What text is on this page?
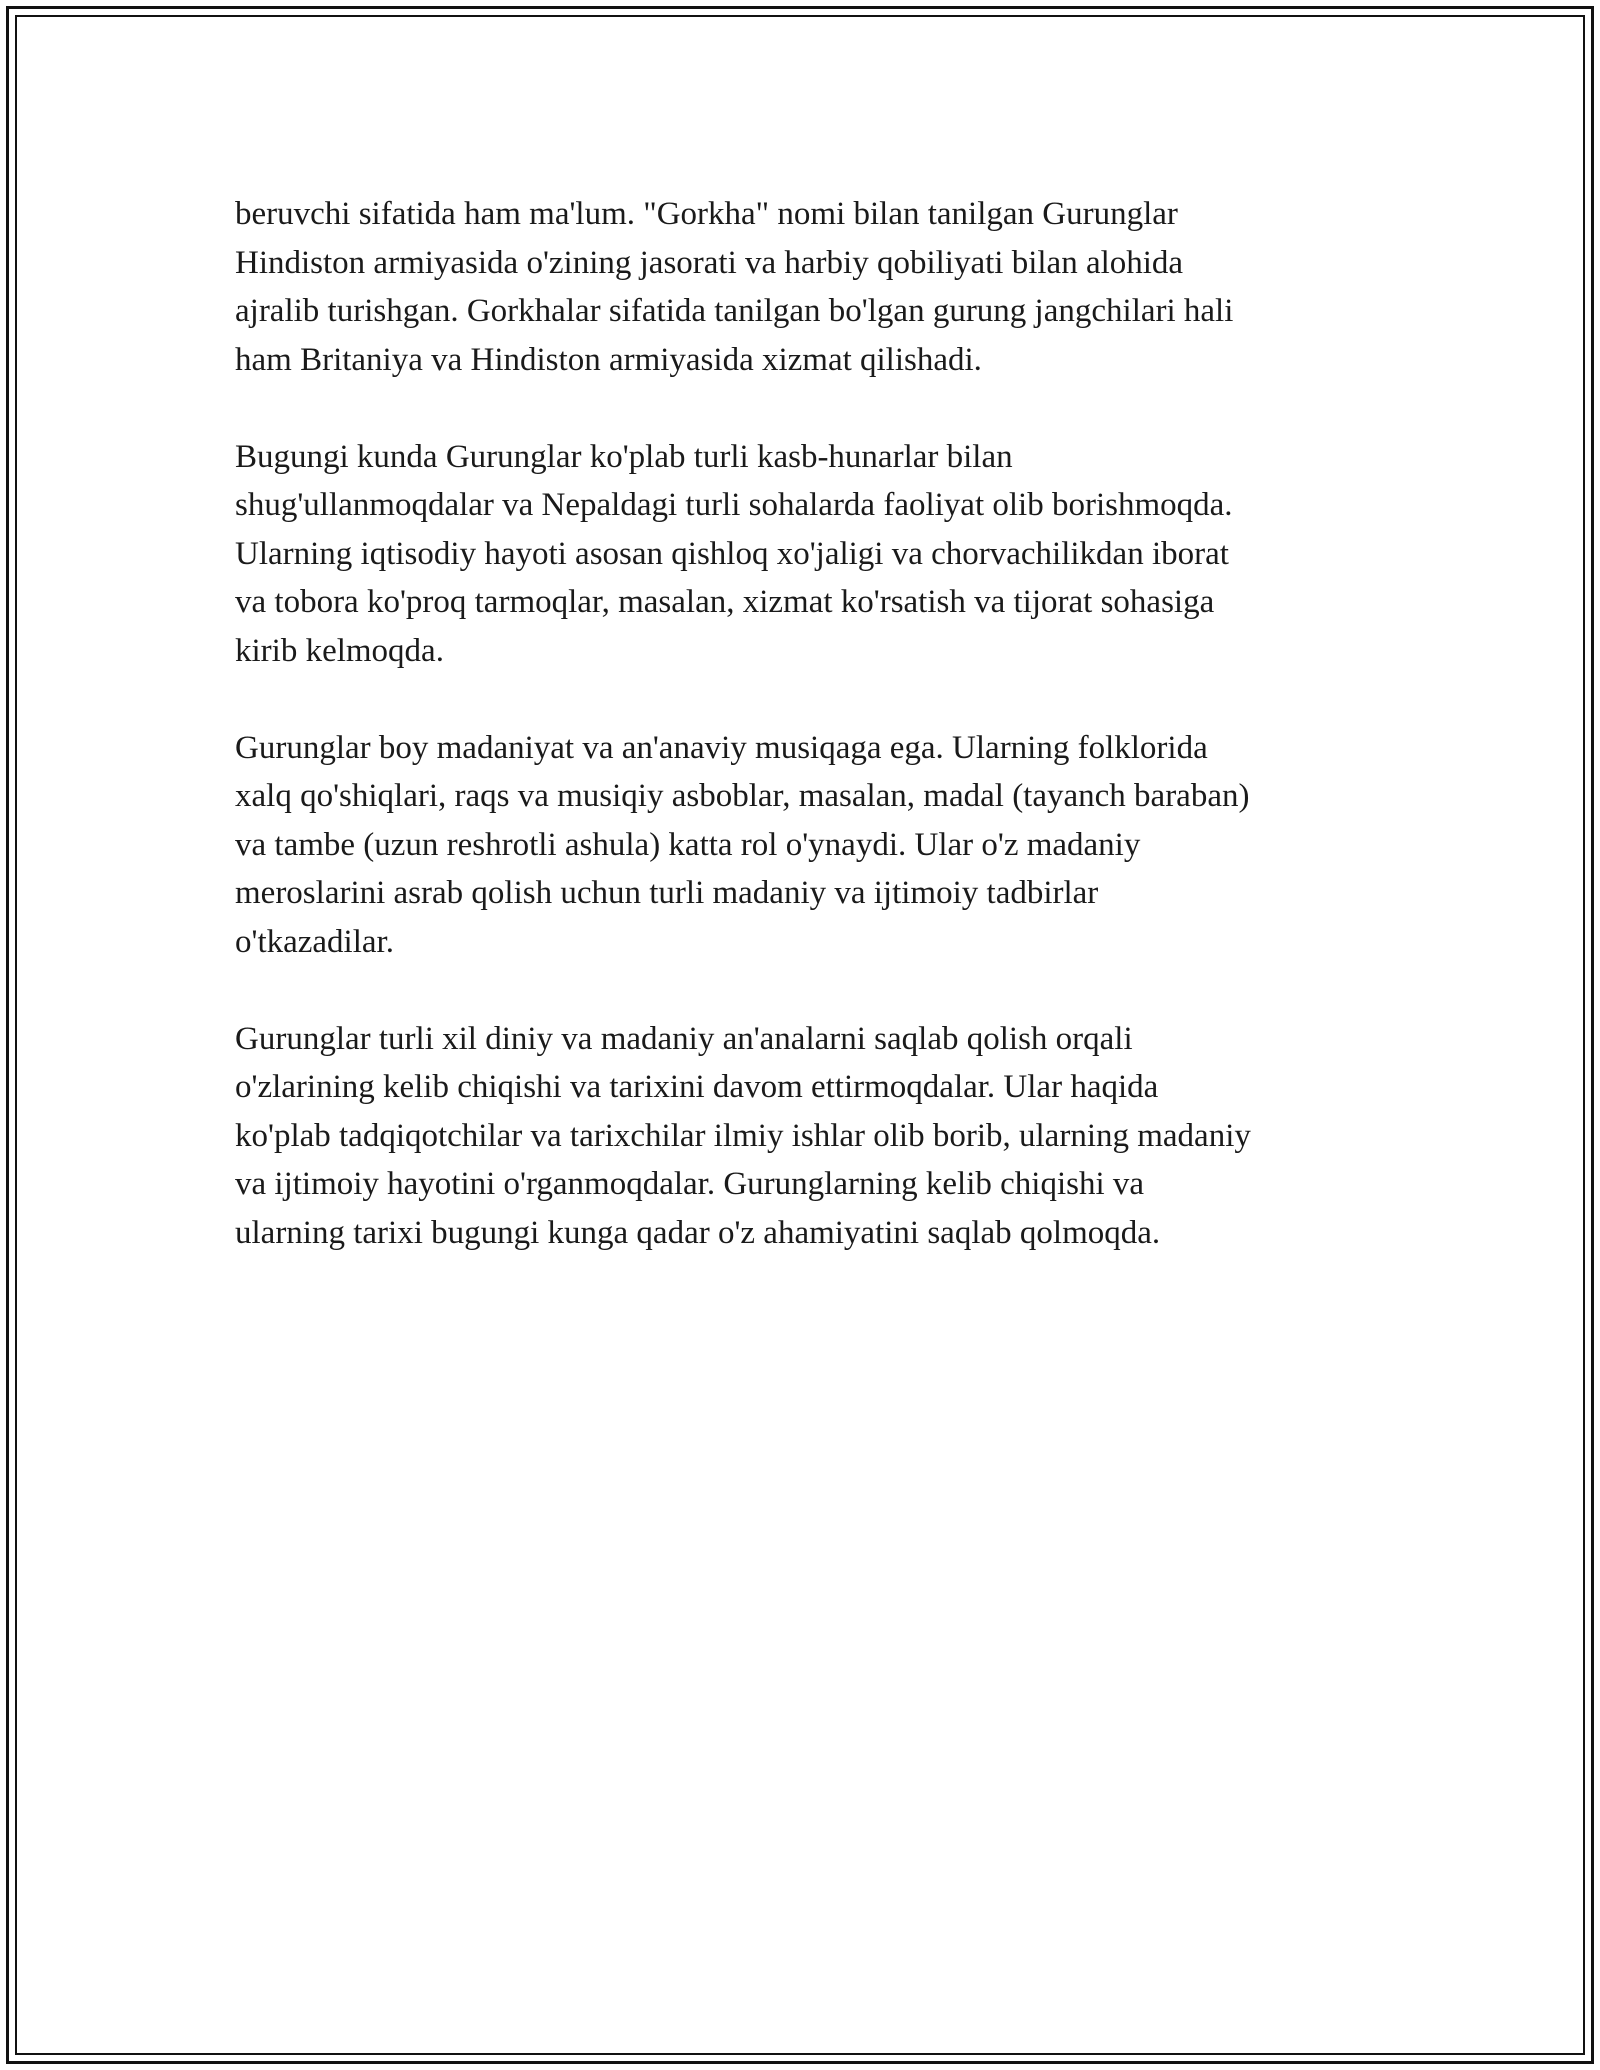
beruvchi sifatida ham ma'lum. "Gorkha" nomi bilan tanilgan Gurunglar
Hindiston armiyasida o'zining jasorati va harbiy qobiliyati bilan alohida
ajralib turishgan. Gorkhalar sifatida tanilgan bo'lgan gurung jangchilari hali
ham Britaniya va Hindiston armiyasida xizmat qilishadi.
Bugungi kunda Gurunglar ko'plab turli kasb-hunarlar bilan
shug'ullanmoqdalar va Nepaldagi turli sohalarda faoliyat olib borishmoqda.
Ularning iqtisodiy hayoti asosan qishloq xo'jaligi va chorvachilikdan iborat
va tobora ko'proq tarmoqlar, masalan, xizmat ko'rsatish va tijorat sohasiga
kirib kelmoqda.
Gurunglar boy madaniyat va an'anaviy musiqaga ega. Ularning folklorida
xalq qo'shiqlari, raqs va musiqiy asboblar, masalan, madal (tayanch baraban)
va tambe (uzun reshrotli ashula) katta rol o'ynaydi. Ular o'z madaniy
meroslarini asrab qolish uchun turli madaniy va ijtimoiy tadbirlar
o'tkazadilar.
Gurunglar turli xil diniy va madaniy an'analarni saqlab qolish orqali
o'zlarining kelib chiqishi va tarixini davom ettirmoqdalar. Ular haqida
ko'plab tadqiqotchilar va tarixchilar ilmiy ishlar olib borib, ularning madaniy
va ijtimoiy hayotini o'rganmoqdalar. Gurunglarning kelib chiqishi va
ularning tarixi bugungi kunga qadar o'z ahamiyatini saqlab qolmoqda.
